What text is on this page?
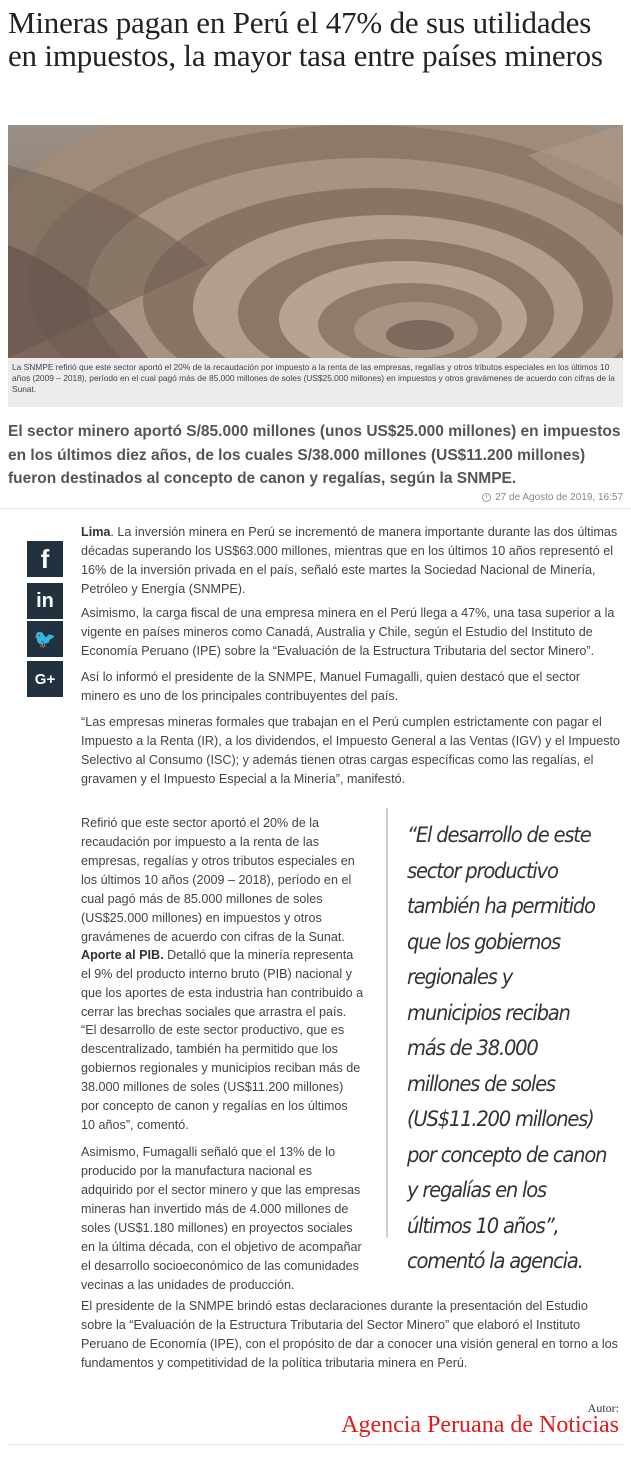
Mineras pagan en Perú el 47% de sus utilidades en impuestos, la mayor tasa entre países mineros
La SNMPE refirió que este sector aportó el 20% de la recaudación por impuesto a la renta de las empresas, regalías y otros tributos especiales en los últimos 10 años (2009 – 2018), período en el cual pagó más de 85.000 millones de soles (US$25.000 millones) en impuestos y otros gravámenes de acuerdo con cifras de la Sunat.

El sector minero aportó S/85.000 millones (unos US$25.000 millones) en impuestos en los últimos diez años, de los cuales S/38.000 millones (US$11.200 millones) fueron destinados al concepto de canon y regalías, según la SNMPE.

27 de Agosto de 2019, 16:57
f
in
🐦
G+

Lima. La inversión minera en Perú se incrementó de manera importante durante las dos últimas décadas superando los US$63.000 millones, mientras que en los últimos 10 años representó el 16% de la inversión privada en el país, señaló este martes la Sociedad Nacional de Minería, Petróleo y Energía (SNMPE).

Asimismo, la carga fiscal de una empresa minera en el Perú llega a 47%, una tasa superior a la vigente en países mineros como Canadá, Australia y Chile, según el Estudio del Instituto de Economía Peruano (IPE) sobre la “Evaluación de la Estructura Tributaria del sector Minero”.

Así lo informó el presidente de la SNMPE, Manuel Fumagalli, quien destacó que el sector minero es uno de los principales contribuyentes del país.

“Las empresas mineras formales que trabajan en el Perú cumplen estrictamente con pagar el Impuesto a la Renta (IR), a los dividendos, el Impuesto General a las Ventas (IGV) y el Impuesto Selectivo al Consumo (ISC); y además tienen otras cargas específicas como las regalías, el gravamen y el Impuesto Especial a la Minería”, manifestó.

Refirió que este sector aportó el 20% de la recaudación por impuesto a la renta de las empresas, regalías y otros tributos especiales en los últimos 10 años (2009 – 2018), período en el cual pagó más de 85.000 millones de soles (US$25.000 millones) en impuestos y otros gravámenes de acuerdo con cifras de la Sunat.

Aporte al PIB. Detalló que la minería representa el 9% del producto interno bruto (PIB) nacional y que los aportes de esta industria han contribuido a cerrar las brechas sociales que arrastra el país.

“El desarrollo de este sector productivo, que es descentralizado, también ha permitido que los gobiernos regionales y municipios reciban más de 38.000 millones de soles (US$11.200 millones) por concepto de canon y regalías en los últimos 10 años”, comentó.

Asimismo, Fumagalli señaló que el 13% de lo producido por la manufactura nacional es adquirido por el sector minero y que las empresas mineras han invertido más de 4.000 millones de soles (US$1.180 millones) en proyectos sociales en la última década, con el objetivo de acompañar el desarrollo socioeconómico de las comunidades vecinas a las unidades de producción.

“El desarrollo de este sector productivo también ha permitido que los gobiernos regionales y municipios reciban más de 38.000 millones de soles (US$11.200 millones) por concepto de canon y regalías en los últimos 10 años”, comentó la agencia.

El presidente de la SNMPE brindó estas declaraciones durante la presentación del Estudio sobre la “Evaluación de la Estructura Tributaria del Sector Minero” que elaboró el Instituto Peruano de Economía (IPE), con el propósito de dar a conocer una visión general en torno a los fundamentos y competitividad de la política tributaria minera en Perú.

Autor:
Agencia Peruana de Noticias
